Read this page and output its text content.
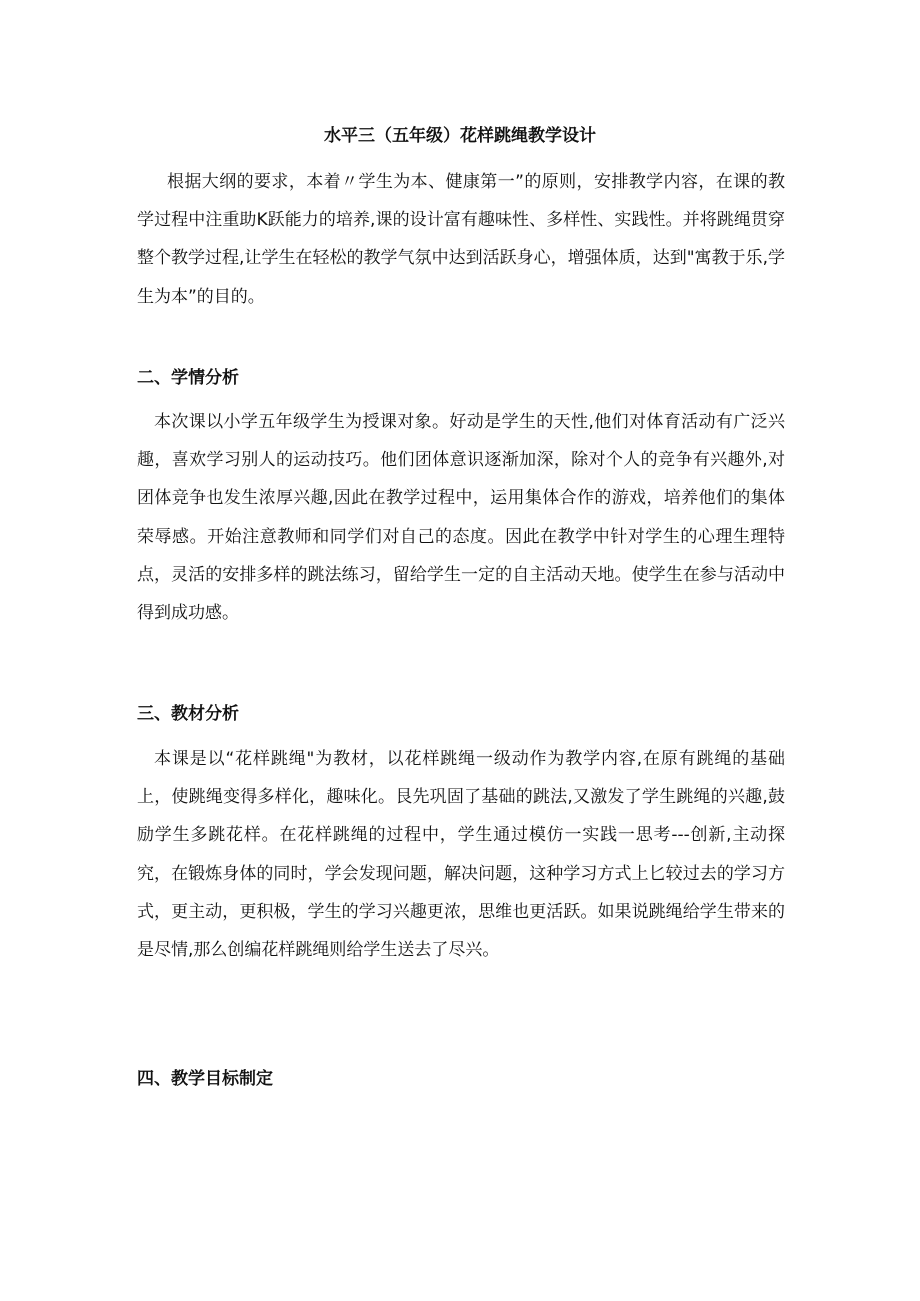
水平三（五年级）花样跳绳教学设计

根据大纲的要求，本着〃学生为本、健康第一”的原则，安排教学内容，在课的教学过程中注重助K跃能力的培养,课的设计富有趣味性、多样性、实践性。并将跳绳贯穿整个教学过程,让学生在轻松的教学气氛中达到活跃身心，增强体质，达到"寓教于乐,学生为本”的目的。

二、学情分析

本次课以小学五年级学生为授课对象。好动是学生的天性,他们对体育活动有广泛兴趣，喜欢学习别人的运动技巧。他们团体意识逐渐加深，除对个人的竞争有兴趣外,对团体竞争也发生浓厚兴趣,因此在教学过程中，运用集体合作的游戏，培养他们的集体荣辱感。开始注意教师和同学们对自己的态度。因此在教学中针对学生的心理生理特点，灵活的安排多样的跳法练习，留给学生一定的自主活动天地。使学生在参与活动中得到成功感。

三、教材分析

本课是以“花样跳绳"为教材，以花样跳绳一级动作为教学内容,在原有跳绳的基础上，使跳绳变得多样化，趣味化。艮先巩固了基础的跳法,又激发了学生跳绳的兴趣,鼓励学生多跳花样。在花样跳绳的过程中，学生通过模仿一实践一思考---创新,主动探究，在锻炼身体的同时，学会发现问题，解决问题，这种学习方式上匕较过去的学习方式，更主动，更积极，学生的学习兴趣更浓，思维也更活跃。如果说跳绳给学生带来的是尽情,那么创编花样跳绳则给学生送去了尽兴。

四、教学目标制定
